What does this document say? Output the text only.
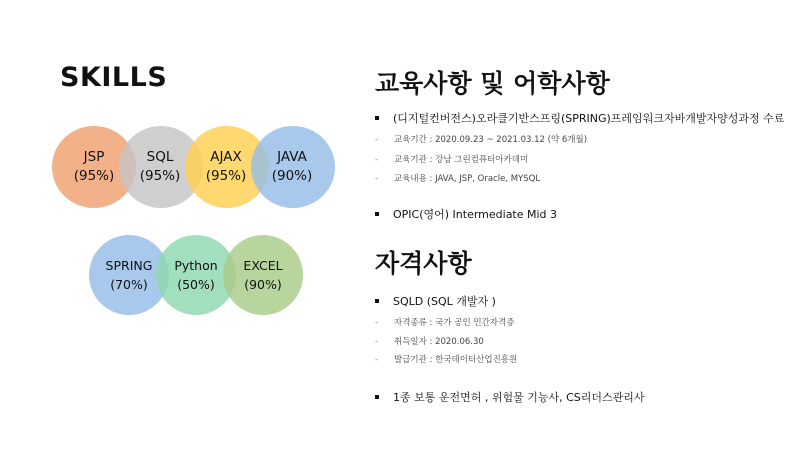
SKILLS
JSP
(95%)
SQL
(95%)
AJAX
(95%)
JAVA
(90%)
SPRING
(70%)
Python
(50%)
EXCEL
(90%)
교육사항 및 어학사항
(디지털컨버전스)오라클기반스프링(SPRING)프레임워크자바개발자양성과정 수료
- 교육기간 : 2020.09.23 ~ 2021.03.12 (약 6개월)
- 교육기관 : 강남 그린컴퓨터아카데미
- 교육내용 : JAVA, JSP, Oracle, MYSQL
OPIC(영어) Intermediate Mid 3
자격사항
SQLD (SQL 개발자 )
- 자격종류 : 국가 공인 민간자격증
- 취득일자 : 2020.06.30
- 발급기관 : 한국데이터산업진흥원
1종 보통 운전면허 , 위험물 기능사, CS리더스관리사
